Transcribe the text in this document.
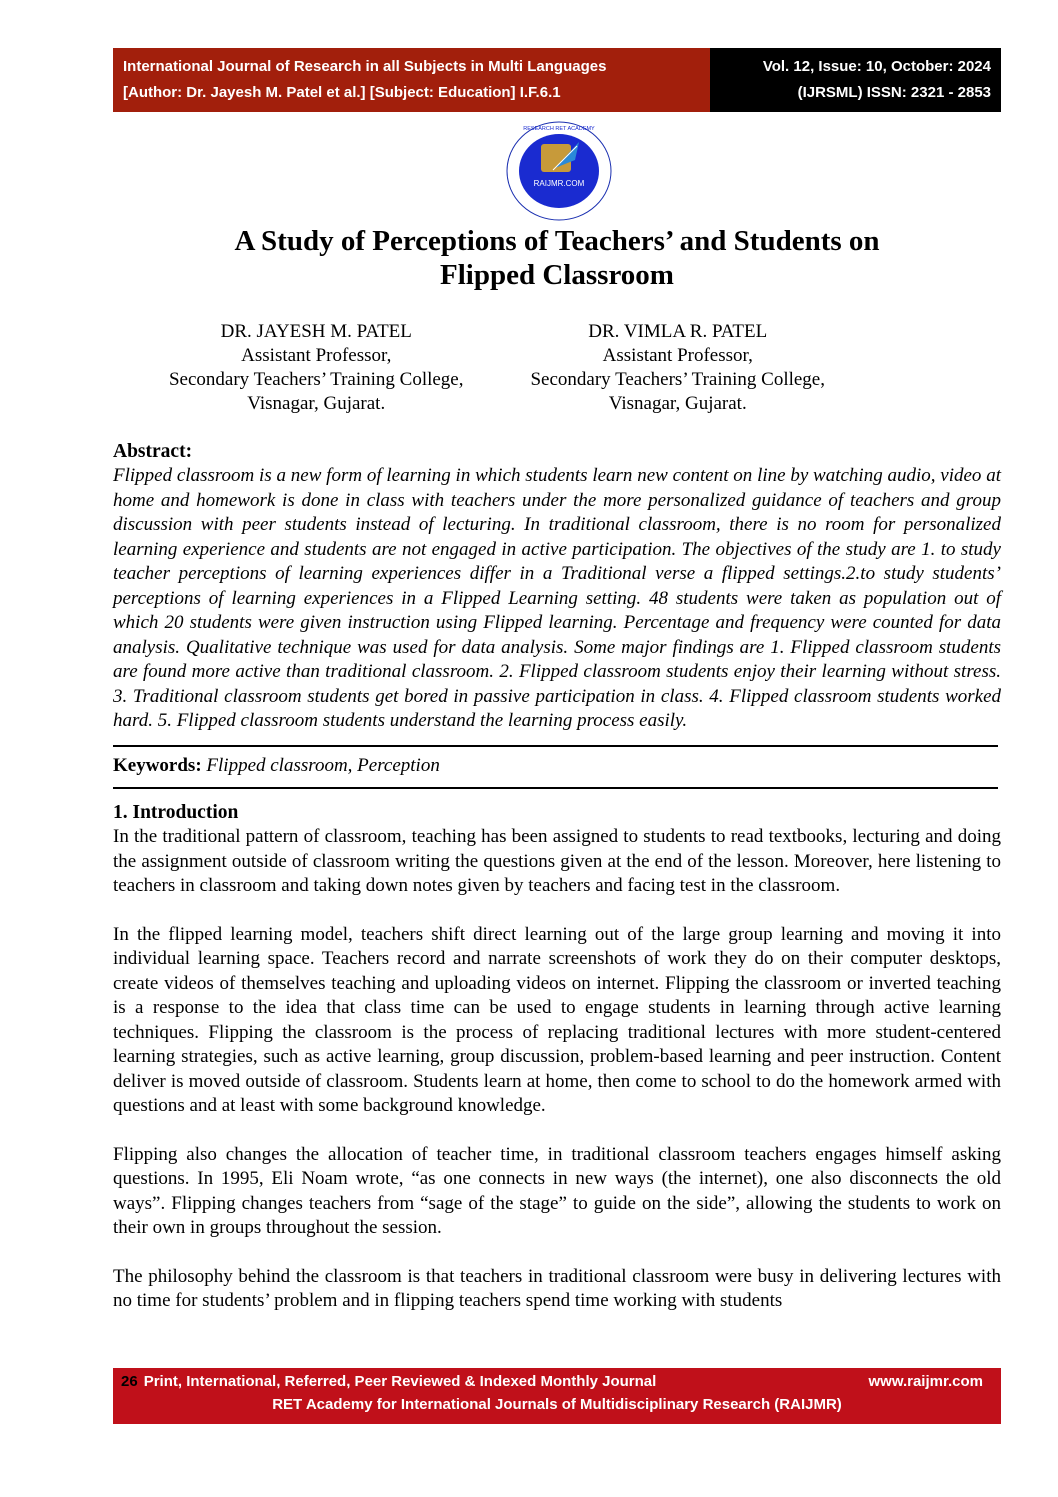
International Journal of Research in all Subjects in Multi Languages
[Author: Dr. Jayesh M. Patel et al.] [Subject: Education] I.F.6.1
Vol. 12, Issue: 10, October: 2024
(IJRSML) ISSN: 2321 - 2853
RAIJMR.COM
RESEARCH RET ACADEMY
A Study of Perceptions of Teachers’ and Students on
Flipped Classroom
DR. JAYESH M. PATEL
Assistant Professor,
Secondary Teachers’ Training College,
Visnagar, Gujarat.
DR. VIMLA R. PATEL
Assistant Professor,
Secondary Teachers’ Training College,
Visnagar, Gujarat.
Abstract:

Flipped classroom is a new form of learning in which students learn new content on line by watching audio, video at home and homework is done in class with teachers under the more personalized guidance of teachers and group discussion with peer students instead of lecturing. In traditional classroom, there is no room for personalized learning experience and students are not engaged in active participation. The objectives of the study are 1. to study teacher perceptions of learning experiences differ in a Traditional verse a flipped settings.2.to study students’ perceptions of learning experiences in a Flipped Learning setting. 48 students were taken as population out of which 20 students were given instruction using Flipped learning. Percentage and frequency were counted for data analysis. Qualitative technique was used for data analysis. Some major findings are 1. Flipped classroom students are found more active than traditional classroom. 2. Flipped classroom students enjoy their learning without stress. 3. Traditional classroom students get bored in passive participation in class. 4. Flipped classroom students worked hard. 5. Flipped classroom students understand the learning process easily.

Keywords: Flipped classroom, Perception

1. Introduction

In the traditional pattern of classroom, teaching has been assigned to students to read textbooks, lecturing and doing the assignment outside of classroom writing the questions given at the end of the lesson. Moreover, here listening to teachers in classroom and taking down notes given by teachers and facing test in the classroom.

In the flipped learning model, teachers shift direct learning out of the large group learning and moving it into individual learning space. Teachers record and narrate screenshots of work they do on their computer desktops, create videos of themselves teaching and uploading videos on internet. Flipping the classroom or inverted teaching is a response to the idea that class time can be used to engage students in learning through active learning techniques. Flipping the classroom is the process of replacing traditional lectures with more student-centered learning strategies, such as active learning, group discussion, problem-based learning and peer instruction. Content deliver is moved outside of classroom. Students learn at home, then come to school to do the homework armed with questions and at least with some background knowledge.

Flipping also changes the allocation of teacher time, in traditional classroom teachers engages himself asking questions. In 1995, Eli Noam wrote, “as one connects in new ways (the internet), one also disconnects the old ways”. Flipping changes teachers from “sage of the stage” to guide on the side”, allowing the students to work on their own in groups throughout the session.

The philosophy behind the classroom is that teachers in traditional classroom were busy in delivering lectures with no time for students’ problem and in flipping teachers spend time working with students

26 Print, International, Referred, Peer Reviewed & Indexed Monthly Journal	www.raijmr.com
RET Academy for International Journals of Multidisciplinary Research (RAIJMR)
